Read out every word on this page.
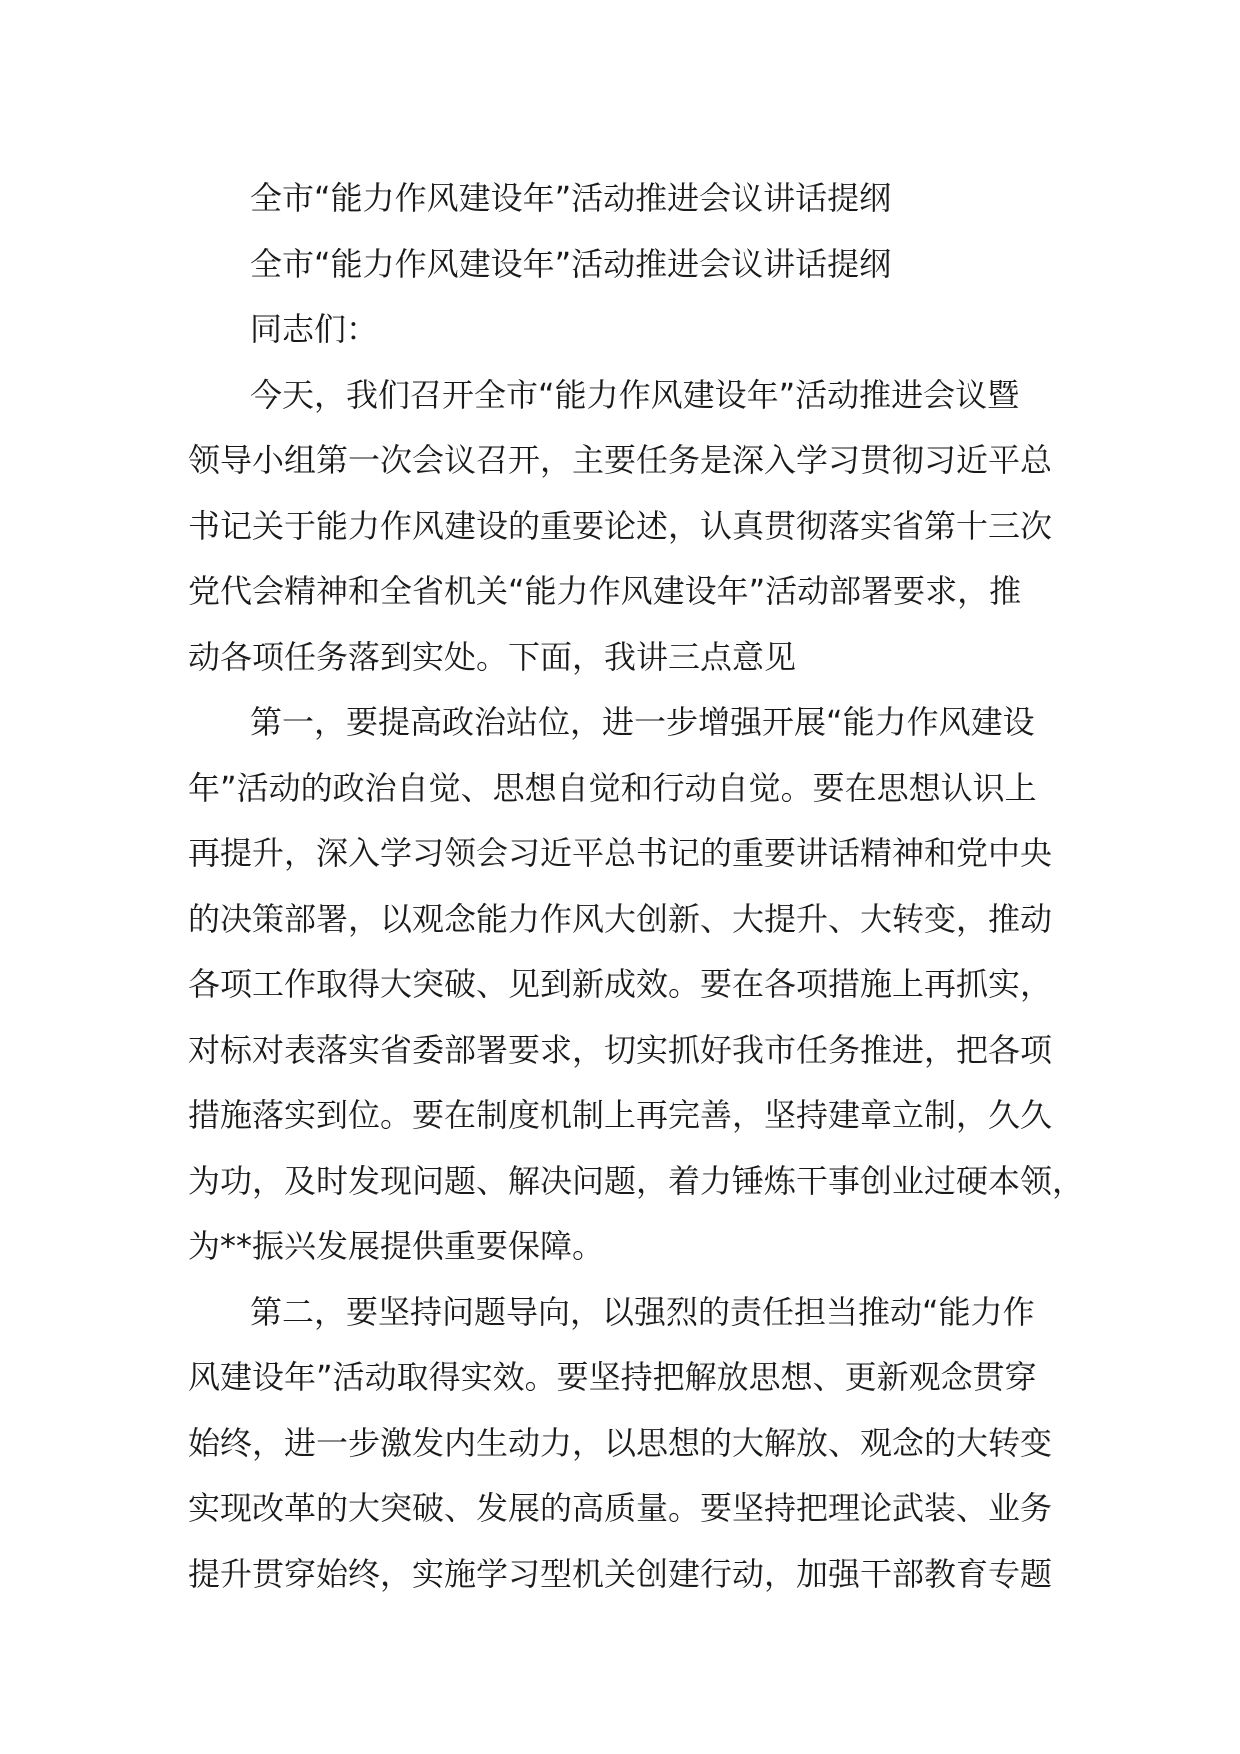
全市“能力作风建设年”活动推进会议讲话提纲
全市“能力作风建设年”活动推进会议讲话提纲
同志们：
今天，我们召开全市“能力作风建设年”活动推进会议暨
领导小组第一次会议召开，主要任务是深入学习贯彻习近平总
书记关于能力作风建设的重要论述，认真贯彻落实省第十三次
党代会精神和全省机关“能力作风建设年”活动部署要求，推
动各项任务落到实处。下面，我讲三点意见
第一，要提高政治站位，进一步增强开展“能力作风建设
年”活动的政治自觉、思想自觉和行动自觉。要在思想认识上
再提升，深入学习领会习近平总书记的重要讲话精神和党中央
的决策部署，以观念能力作风大创新、大提升、大转变，推动
各项工作取得大突破、见到新成效。要在各项措施上再抓实，
对标对表落实省委部署要求，切实抓好我市任务推进，把各项
措施落实到位。要在制度机制上再完善，坚持建章立制，久久
为功，及时发现问题、解决问题，着力锤炼干事创业过硬本领，
为**振兴发展提供重要保障。
第二，要坚持问题导向，以强烈的责任担当推动“能力作
风建设年”活动取得实效。要坚持把解放思想、更新观念贯穿
始终，进一步激发内生动力，以思想的大解放、观念的大转变
实现改革的大突破、发展的高质量。要坚持把理论武装、业务
提升贯穿始终，实施学习型机关创建行动，加强干部教育专题
